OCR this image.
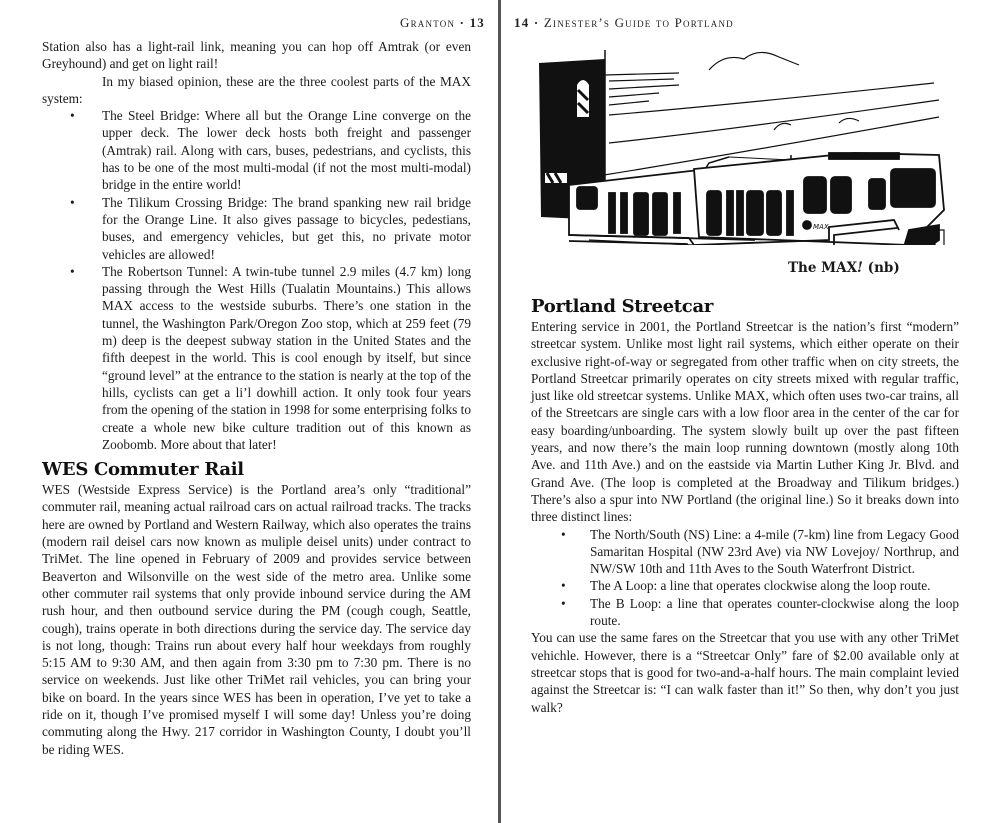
Granton · 13

Station also has a light-rail link, meaning you can hop off Amtrak (or even Greyhound) and get on light rail!

In my biased opinion, these are the three coolest parts of the MAX system:

• The Steel Bridge: Where all but the Orange Line converge on the upper deck. The lower deck hosts both freight and passenger (Amtrak) rail. Along with cars, buses, pedestrians, and cyclists, this has to be one of the most multi-modal (if not the most multi-modal) bridge in the entire world!
• The Tilikum Crossing Bridge: The brand spanking new rail bridge for the Orange Line. It also gives passage to bicycles, pedestians, buses, and emergency vehicles, but get this, no private motor vehicles are allowed!
• The Robertson Tunnel: A twin-tube tunnel 2.9 miles (4.7 km) long passing through the West Hills (Tualatin Mountains.) This allows MAX access to the westside suburbs. There’s one station in the tunnel, the Washington Park/Oregon Zoo stop, which at 259 feet (79 m) deep is the deepest subway station in the United States and the fifth deepest in the world. This is cool enough by itself, but since “ground level” at the entrance to the station is nearly at the top of the hills, cyclists can get a li’l dowhill action. It only took four years from the opening of the station in 1998 for some enterprising folks to create a whole new bike culture tradition out of this known as Zoobomb. More about that later!
WES Commuter Rail

WES (Westside Express Service) is the Portland area’s only “traditional” commuter rail, meaning actual railroad cars on actual railroad tracks. The tracks here are owned by Portland and Western Railway, which also operates the trains (modern rail deisel cars now known as muliple deisel units) under contract to TriMet. The line opened in February of 2009 and provides service between Beaverton and Wilsonville on the west side of the metro area. Unlike some other commuter rail systems that only provide inbound service during the AM rush hour, and then outbound service during the PM (cough cough, Seattle, cough), trains operate in both directions during the service day. The service day is not long, though: Trains run about every half hour weekdays from roughly 5:15 AM to 9:30 AM, and then again from 3:30 pm to 7:30 pm. There is no service on weekends. Just like other TriMet rail vehicles, you can bring your bike on board. In the years since WES has been in operation, I’ve yet to take a ride on it, though I’ve promised myself I will some day! Unless you’re doing commuting along the Hwy. 217 corridor in Washington County, I doubt you’ll be riding WES.

14 · Zinester’s Guide to Portland
MAX
The MAX! (nb)
Portland Streetcar

Entering service in 2001, the Portland Streetcar is the nation’s first “modern” streetcar system. Unlike most light rail systems, which either operate on their exclusive right-of-way or segregated from other traffic when on city streets, the Portland Streetcar primarily operates on city streets mixed with regular traffic, just like old streetcar systems. Unlike MAX, which often uses two-car trains, all of the Streetcars are single cars with a low floor area in the center of the car for easy boarding/unboarding. The system slowly built up over the past fifteen years, and now there’s the main loop running downtown (mostly along 10th Ave. and 11th Ave.) and on the eastside via Martin Luther King Jr. Blvd. and Grand Ave. (The loop is completed at the Broadway and Tilikum bridges.) There’s also a spur into NW Portland (the original line.) So it breaks down into three distinct lines:

• The North/South (NS) Line: a 4-mile (7-km) line from Legacy Good Samaritan Hospital (NW 23rd Ave) via NW Lovejoy/ Northrup, and NW/SW 10th and 11th Aves to the South Waterfront District.
• The A Loop: a line that operates clockwise along the loop route.
• The B Loop: a line that operates counter-clockwise along the loop route.

You can use the same fares on the Streetcar that you use with any other TriMet vehichle. However, there is a “Streetcar Only” fare of $2.00 available only at streetcar stops that is good for two-and-a-half hours. The main complaint levied against the Streetcar is: “I can walk faster than it!” So then, why don’t you just walk?
